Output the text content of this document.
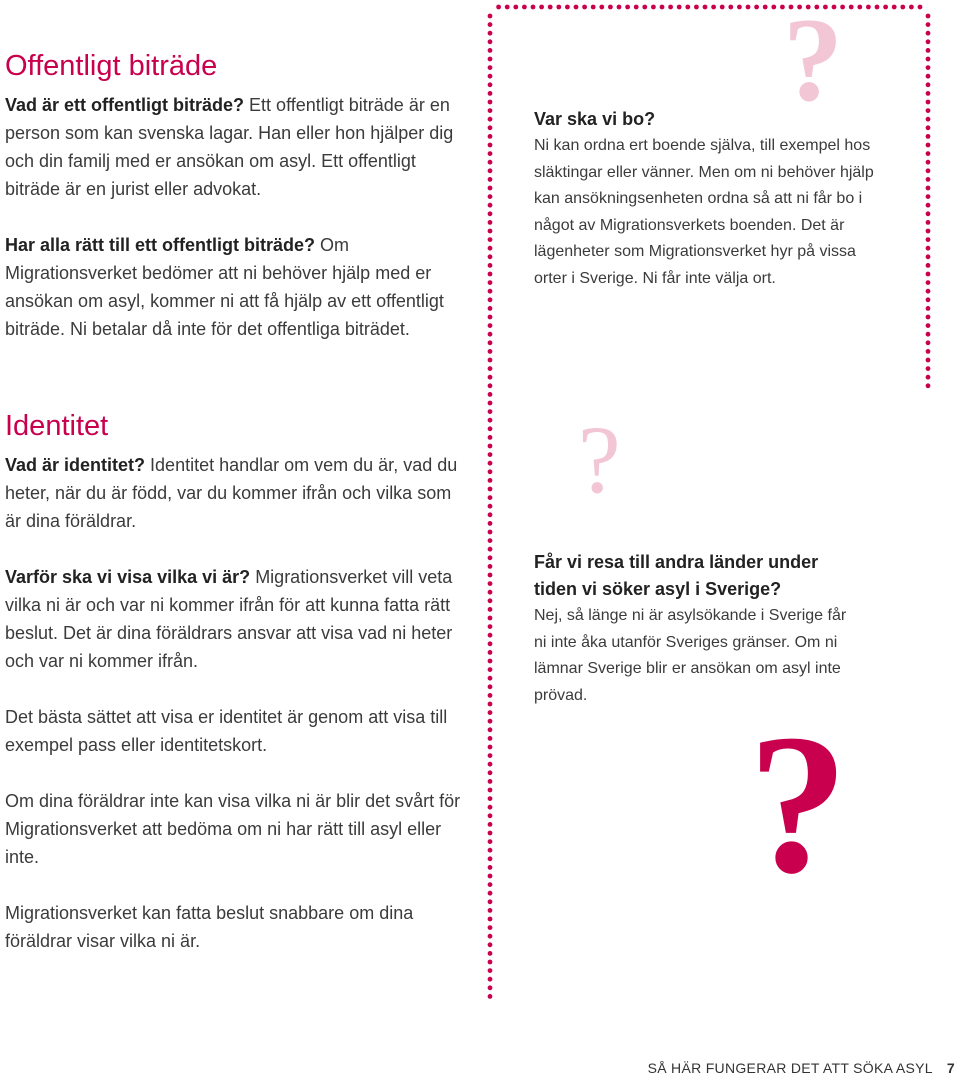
?
?
?
Offentligt biträde

Vad är ett offentligt biträde? Ett offentligt biträde är en person som kan svenska lagar. Han eller hon hjälper dig och din familj med er ansökan om asyl. Ett offentligt biträde är en jurist eller advokat.

Har alla rätt till ett offentligt biträde? Om Migrationsverket bedömer att ni behöver hjälp med er ansökan om asyl, kommer ni att få hjälp av ett offentligt biträde. Ni betalar då inte för det offentliga biträdet.

Identitet

Vad är identitet? Identitet handlar om vem du är, vad du heter, när du är född, var du kommer ifrån och vilka som är dina föräldrar.

Varför ska vi visa vilka vi är? Migrationsverket vill veta vilka ni är och var ni kommer ifrån för att kunna fatta rätt beslut. Det är dina föräldrars ansvar att visa vad ni heter och var ni kommer ifrån.

Det bästa sättet att visa er identitet är genom att visa till exempel pass eller identitetskort.

Om dina föräldrar inte kan visa vilka ni är blir det svårt för Migrationsverket att bedöma om ni har rätt till asyl eller inte.

Migrationsverket kan fatta beslut snabbare om dina föräldrar visar vilka ni är.

Var ska vi bo?

Ni kan ordna ert boende själva, till exempel hos släktingar eller vänner. Men om ni behöver hjälp kan ansökningsenheten ordna så att ni får bo i något av Migrationsverkets boenden. Det är lägenheter som Migrationsverket hyr på vissa orter i Sverige. Ni får inte välja ort.

Får vi resa till andra länder under tiden vi söker asyl i Sverige?

Nej, så länge ni är asylsökande i Sverige får ni inte åka utanför Sveriges gränser. Om ni lämnar Sverige blir er ansökan om asyl inte prövad.

SÅ HÄR FUNGERAR DET ATT SÖKA ASYL 7
